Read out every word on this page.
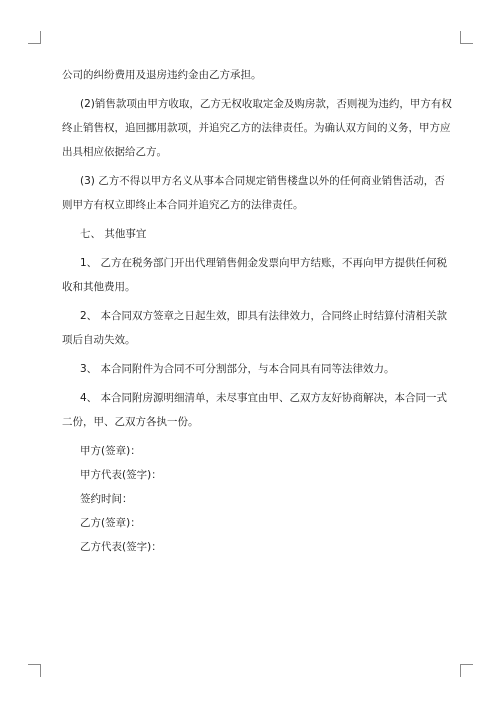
公司的纠纷费用及退房违约金由乙方承担。
(2)销售款项由甲方收取，乙方无权收取定金及购房款，否则视为违约，甲方有权
终止销售权，追回挪用款项，并追究乙方的法律责任。为确认双方间的义务，甲方应
出具相应依据给乙方。
(3) 乙方不得以甲方名义从事本合同规定销售楼盘以外的任何商业销售活动，否
则甲方有权立即终止本合同并追究乙方的法律责任。
七、 其他事宜
1、 乙方在税务部门开出代理销售佣金发票向甲方结账，不再向甲方提供任何税
收和其他费用。
2、 本合同双方签章之日起生效，即具有法律效力，合同终止时结算付清相关款
项后自动失效。
3、 本合同附件为合同不可分割部分，与本合同具有同等法律效力。
4、 本合同附房源明细清单，未尽事宜由甲、乙双方友好协商解决，本合同一式
二份，甲、乙双方各执一份。
甲方(签章)：
甲方代表(签字)：
签约时间：
乙方(签章)：
乙方代表(签字)：
